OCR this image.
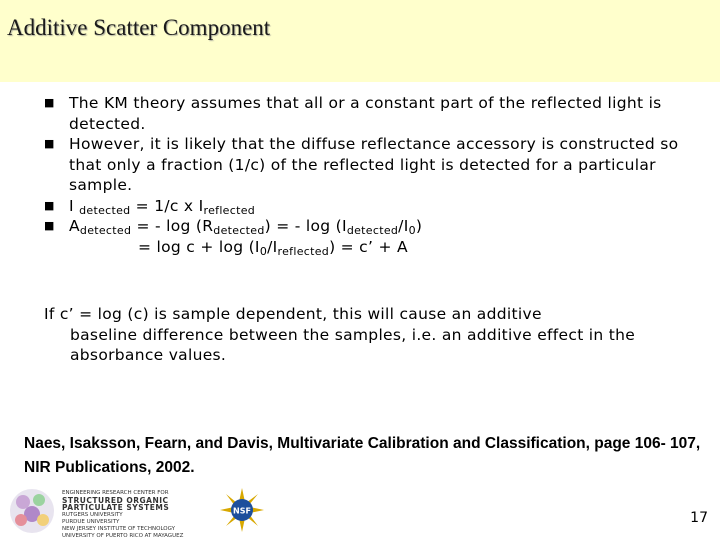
Additive Scatter Component

■ The KM theory assumes that all or a constant part of the reflected light is detected.

■ However, it is likely that the diffuse reflectance accessory is constructed so that only a fraction (1/c) of the reflected light is detected for a particular sample.

■ I $_{detected}$ = 1/c x $I_{reflected}$

■ $A_{detected}$ = - $\log (R_{detected})$ = - $\log (I_{detected}/I_0)$

= $\log c + \log (I_0/I_{reflected}) = c$’ + A

If c’ = log (c) is sample dependent, this will cause an additive
baseline difference between the samples, i.e. an additive effect in the absorbance values.
Naes, Isaksson, Fearn, and Davis, Multivariate Calibration and Classification, page 106- 107, NIR Publications, 2002.
ENGINEERING RESEARCH CENTER FOR
STRUCTURED ORGANIC PARTICULATE SYSTEMS
RUTGERS UNIVERSITY
PURDUE UNIVERSITY
NEW JERSEY INSTITUTE OF TECHNOLOGY
UNIVERSITY OF PUERTO RICO AT MAYAGUEZ
NSF	17
